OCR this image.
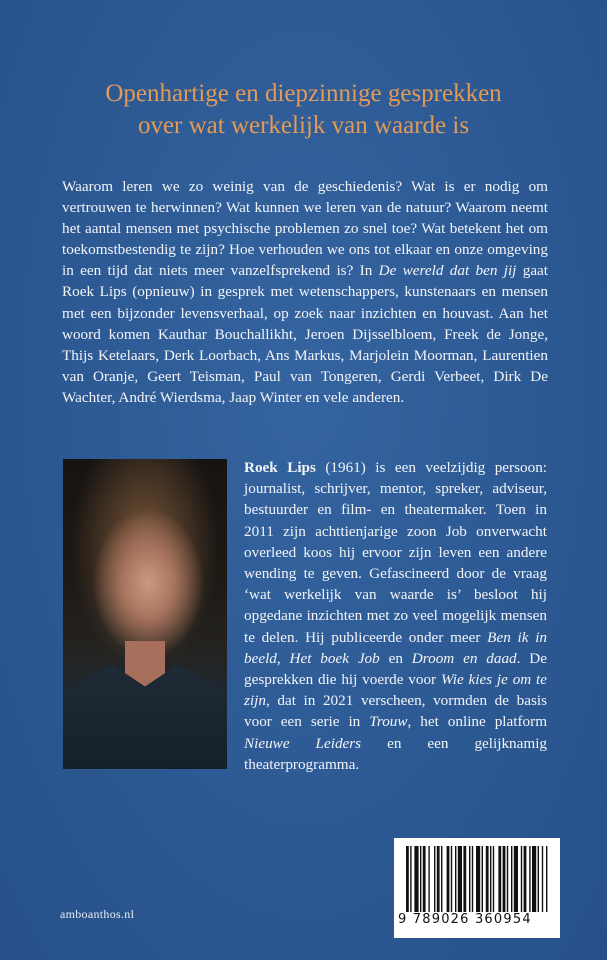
Openhartige en diepzinnige gesprekken
over wat werkelijk van waarde is
Waarom leren we zo weinig van de geschiedenis? Wat is er nodig om vertrouwen te herwinnen? Wat kunnen we leren van de natuur? Waarom neemt het aantal mensen met psychische problemen zo snel toe? Wat betekent het om toekomstbestendig te zijn? Hoe verhouden we ons tot elkaar en onze omgeving in een tijd dat niets meer vanzelfsprekend is? In De wereld dat ben jij gaat Roek Lips (opnieuw) in gesprek met wetenschappers, kunstenaars en mensen met een bijzonder levensverhaal, op zoek naar inzichten en houvast. Aan het woord komen Kauthar Bouchallikht, Jeroen Dijsselbloem, Freek de Jonge, Thijs Ketelaars, Derk Loorbach, Ans Markus, Marjolein Moorman, Laurentien van Oranje, Geert Teisman, Paul van Tongeren, Gerdi Verbeet, Dirk De Wachter, André Wierdsma, Jaap Winter en vele anderen.
Roek Lips (1961) is een veelzijdig persoon: journalist, schrijver, mentor, spreker, adviseur, bestuurder en film- en theatermaker. Toen in 2011 zijn achttienjarige zoon Job onverwacht overleed koos hij ervoor zijn leven een andere wending te geven. Gefascineerd door de vraag ‘wat werkelijk van waarde is’ besloot hij opgedane inzichten met zo veel mogelijk mensen te delen. Hij publiceerde onder meer Ben ik in beeld, Het boek Job en Droom en daad. De gesprekken die hij voerde voor Wie kies je om te zijn, dat in 2021 verscheen, vormden de basis voor een serie in Trouw, het online platform Nieuwe Leiders en een gelijknamig theaterprogramma.
9 789026 360954
amboanthos.nl
